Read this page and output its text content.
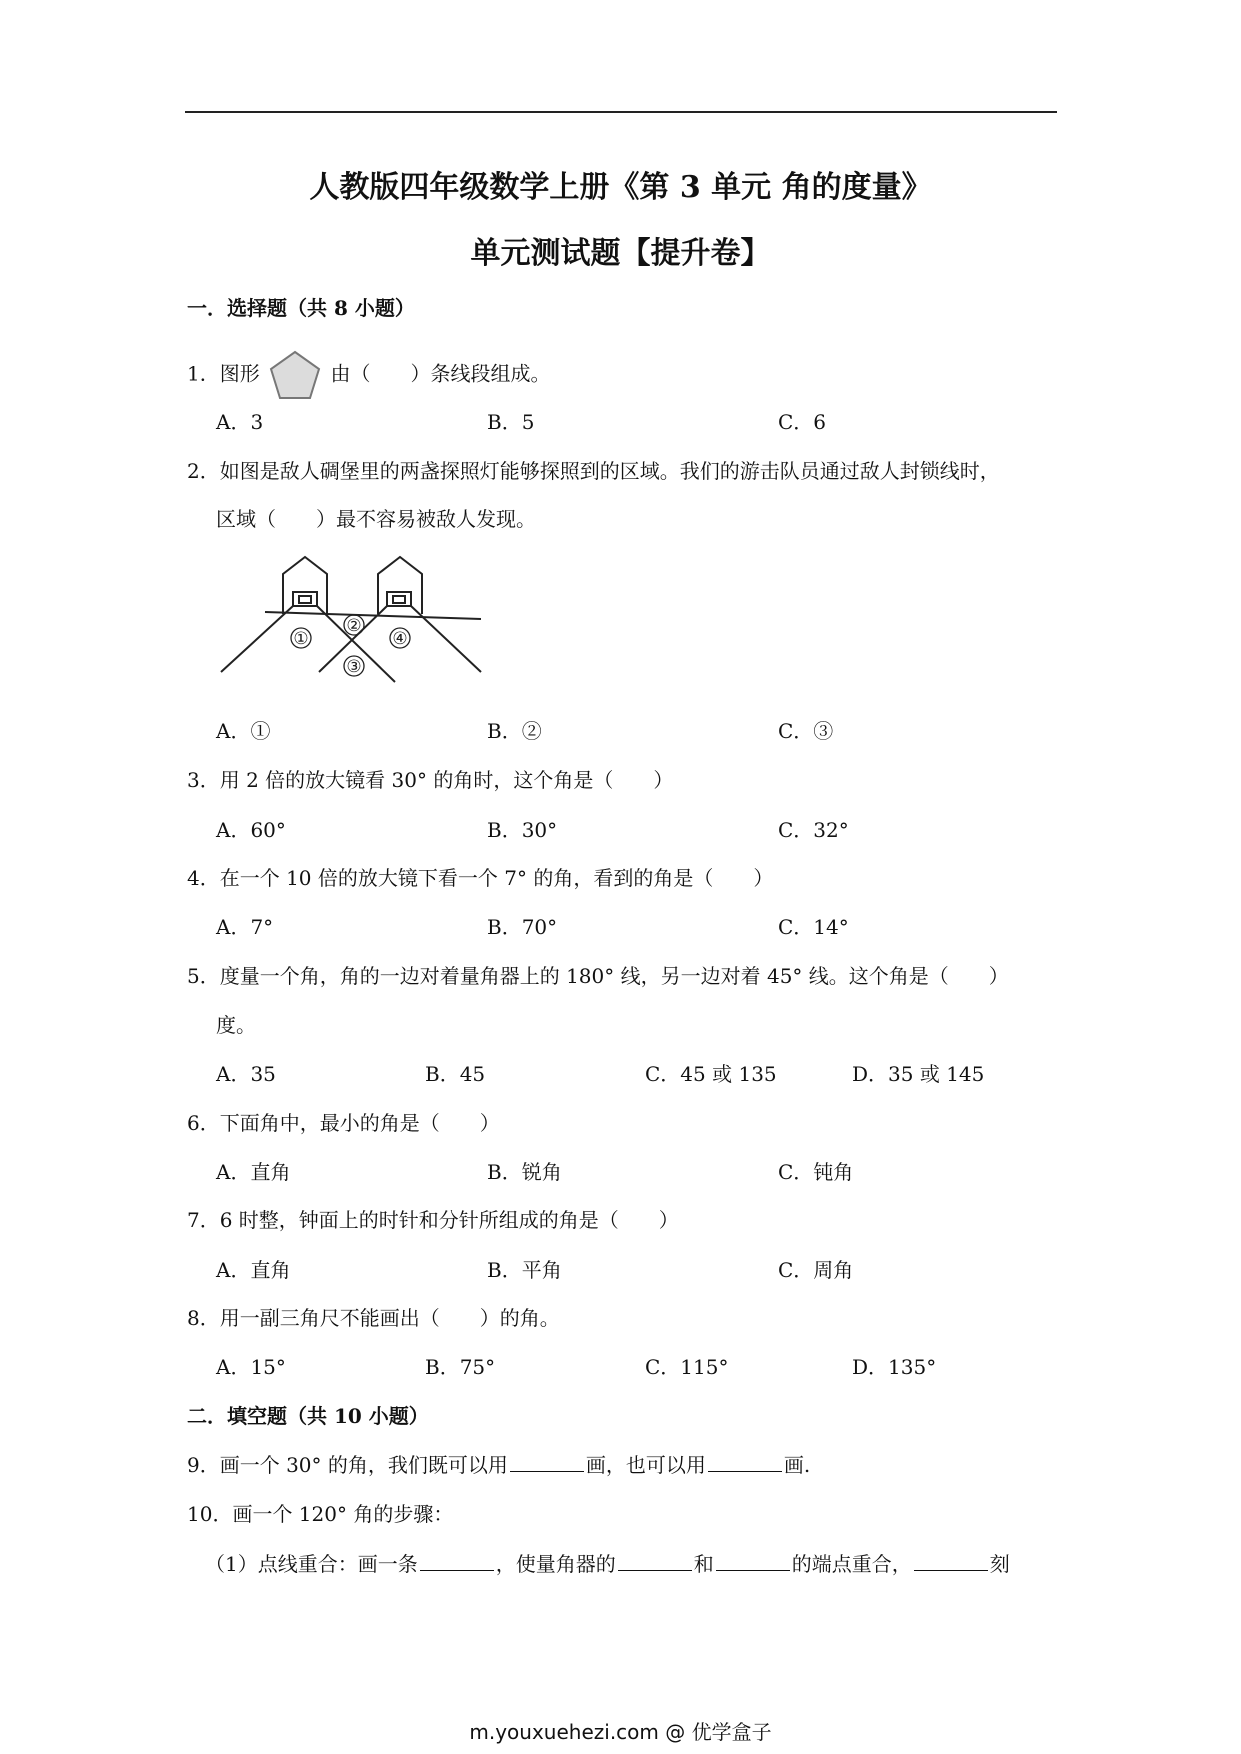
人教版四年级数学上册《第 3 单元 角的度量》
单元测试题【提升卷】
一．选择题（共 8 小题）
1．图形	由（　　）条线段组成。
A．3	B．5	C．6
2．如图是敌人碉堡里的两盏探照灯能够探照到的区域。我们的游击队员通过敌人封锁线时，
区域（　　）最不容易被敌人发现。
①
②
③
④
A．①	B．②	C．③
3．用 2 倍的放大镜看 30° 的角时，这个角是（　　）
A．60°	B．30°	C．32°
4．在一个 10 倍的放大镜下看一个 7° 的角，看到的角是（　　）
A．7°	B．70°	C．14°
5．度量一个角，角的一边对着量角器上的 180° 线，另一边对着 45° 线。这个角是（　　）
度。
A．35	B．45	C．45 或 135	D．35 或 145
6．下面角中，最小的角是（　　）
A．直角	B．锐角	C．钝角
7．6 时整，钟面上的时针和分针所组成的角是（　　）
A．直角	B．平角	C．周角
8．用一副三角尺不能画出（　　）的角。
A．15°	B．75°	C．115°	D．135°
二．填空题（共 10 小题）
9．画一个 30° 的角，我们既可以用	画，也可以用	画.
10．画一个 120° 角的步骤：
（1）点线重合：画一条	，使量角器的	和	的端点重合，	刻
m.youxuehezi.com @ 优学盒子
